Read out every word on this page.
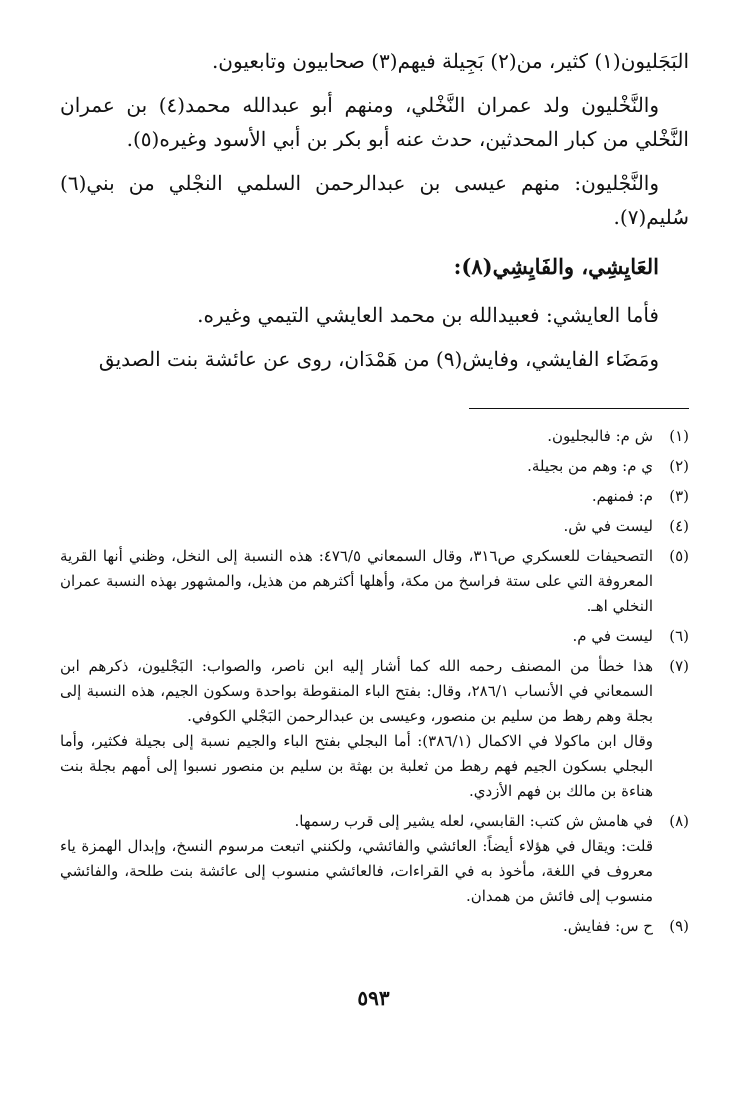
البَجَليون(١) كثير، من(٢) بَجِيلة فيهم(٣) صحابيون وتابعيون.

والنَّخْليون ولد عمران النَّخْلي، ومنهم أبو عبدالله محمد(٤) بن عمران النَّخْلي من كبار المحدثين، حدث عنه أبو بكر بن أبي الأسود وغيره(٥).

والنَّجْليون: منهم عيسى بن عبدالرحمن السلمي النجْلي من بني(٦) سُليم(٧).

العَايِشِي، والفَايِشِي(٨):

فأما العايشي: فعبيدالله بن محمد العايشي التيمي وغيره.

ومَضَاء الفايشي، وفايش(٩) من هَمْدَان، روى عن عائشة بنت الصديق

(١)

ش م: فالبجليون.

(٢)

ي م: وهم من بجيلة.

(٣)

م: فمنهم.

(٤)

ليست في ش.

(٥)

التصحيفات للعسكري ص٣١٦، وقال السمعاني ٤٧٦/٥: هذه النسبة إلى النخل، وظني أنها القرية المعروفة التي على ستة فراسخ من مكة، وأهلها أكثرهم من هذيل، والمشهور بهذه النسبة عمران النخلي اهـ.

(٦)

ليست في م.

(٧)

هذا خطأ من المصنف رحمه الله كما أشار إليه ابن ناصر، والصواب: البَجْليون، ذكرهم ابن السمعاني في الأنساب ٢٨٦/١، وقال: بفتح الباء المنقوطة بواحدة وسكون الجيم، هذه النسبة إلى بجلة وهم رهط من سليم بن منصور، وعيسى بن عبدالرحمن البَجْلي الكوفي.

وقال ابن ماكولا في الاكمال (٣٨٦/١): أما البجلي بفتح الباء والجيم نسبة إلى بجيلة فكثير، وأما البجلي بسكون الجيم فهم رهط من ثعلبة بن بهثة بن سليم بن منصور نسبوا إلى أمهم بجلة بنت هناءة بن مالك بن فهم الأزدي.

(٨)

في هامش ش كتب: القابسي، لعله يشير إلى قرب رسمها.

قلت: ويقال في هؤلاء أيضاً: العائشي والفائشي، ولكنني اتبعت مرسوم النسخ، وإبدال الهمزة ياء معروف في اللغة، مأخوذ به في القراءات، فالعائشي منسوب إلى عائشة بنت طلحة، والفائشي منسوب إلى فائش من همدان.

(٩)

ح س: ففايش.

٥٩٣
